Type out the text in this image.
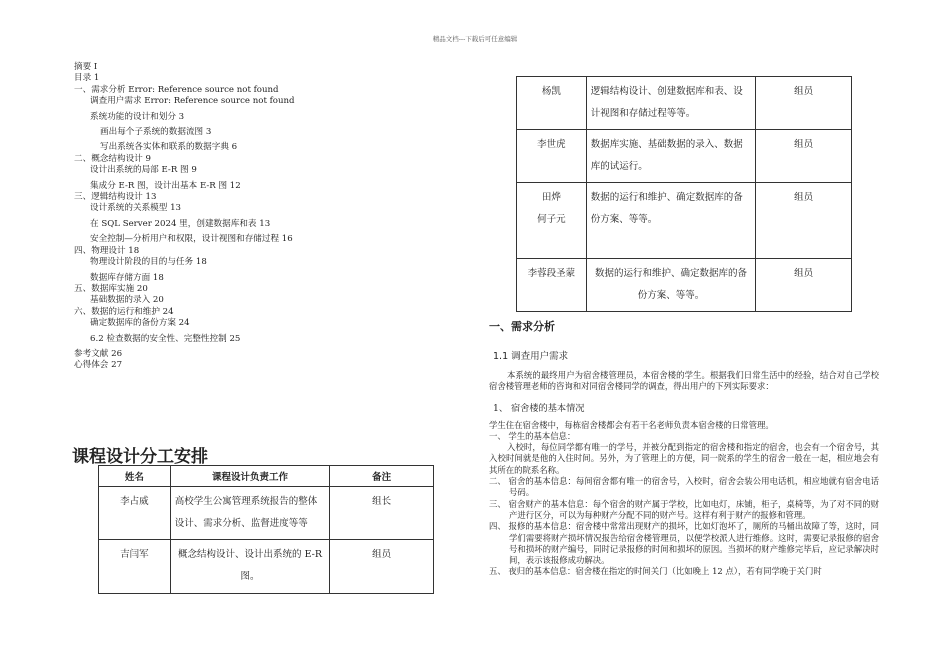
精品文档---下载后可任意编辑
摘要 I
目录 1
一、需求分析 Error: Reference source not found
调查用户需求 Error: Reference source not found
系统功能的设计和划分 3
画出每个子系统的数据流图 3
写出系统各实体和联系的数据字典 6
二、概念结构设计 9
设计出系统的局部 E-R 图 9
集成分 E-R 图，设计出基本 E-R 图 12
三、逻辑结构设计 13
设计系统的关系模型 13
在 SQL Server 2024 里，创建数据库和表 13
安全控制—分析用户和权限，设计视图和存储过程 16
四、物理设计 18
物理设计阶段的目的与任务 18
数据库存储方面 18
五、数据库实施 20
基础数据的录入 20
六、数据的运行和维护 24
确定数据库的备份方案 24
6.2 检查数据的安全性、完整性控制 25
参考文献 26
心得体会 27
课程设计分工安排
姓名	课程设计负责工作	备注
李占威	高校学生公寓管理系统报告的整体设计、需求分析、监督进度等等	组长
吉闫军	概念结构设计、设计出系统的 E-R 图。	组员
杨凯	逻辑结构设计、创建数据库和表、设计视图和存储过程等等。	组员
李世虎	数据库实施、基础数据的录入、数据库的试运行。	组员
田烨
何子元	数据的运行和维护、确定数据库的备份方案、等等。	组员
李蓉段圣蒙	数据的运行和维护、确定数据库的备份方案、等等。	组员
一、需求分析
1.1 调查用户需求
本系统的最终用户为宿舍楼管理员，本宿舍楼的学生。根据我们日常生活中的经验，结合对自己学校宿舍楼管理老师的咨询和对同宿舍楼同学的调查，得出用户的下列实际要求：
1、 宿舍楼的基本情况
学生住在宿舍楼中，每栋宿舍楼都会有若干名老师负责本宿舍楼的日常管理。
一、 学生的基本信息：
入校时，每位同学都有唯一的学号，并被分配到指定的宿舍楼和指定的宿舍，也会有一个宿舍号，其入校时间就是他的入住时间。另外，为了管理上的方便，同一院系的学生的宿舍一般在一起，相应地会有其所在的院系名称。
二、 宿舍的基本信息：每间宿舍都有唯一的宿舍号，入校时，宿舍会装公用电话机，相应地就有宿舍电话号码。
三、 宿舍财产的基本信息：每个宿舍的财产属于学校，比如电灯，床铺，柜子，桌椅等，为了对不同的财产进行区分，可以为每种财产分配不同的财产号。这样有利于财产的报修和管理。
四、 报修的基本信息：宿舍楼中常常出现财产的损坏，比如灯泡坏了，厕所的马桶出故障了等，这时，同学们需要将财产损坏情况报告给宿舍楼管理员，以便学校派人进行维修。这时，需要记录报修的宿舍号和损坏的财产编号，同时记录报修的时间和损坏的原因。当损坏的财产维修完毕后，应记录解决时间，表示该报修成功解决。
五、 夜归的基本信息：宿舍楼在指定的时间关门（比如晚上 12 点），若有同学晚于关门时
